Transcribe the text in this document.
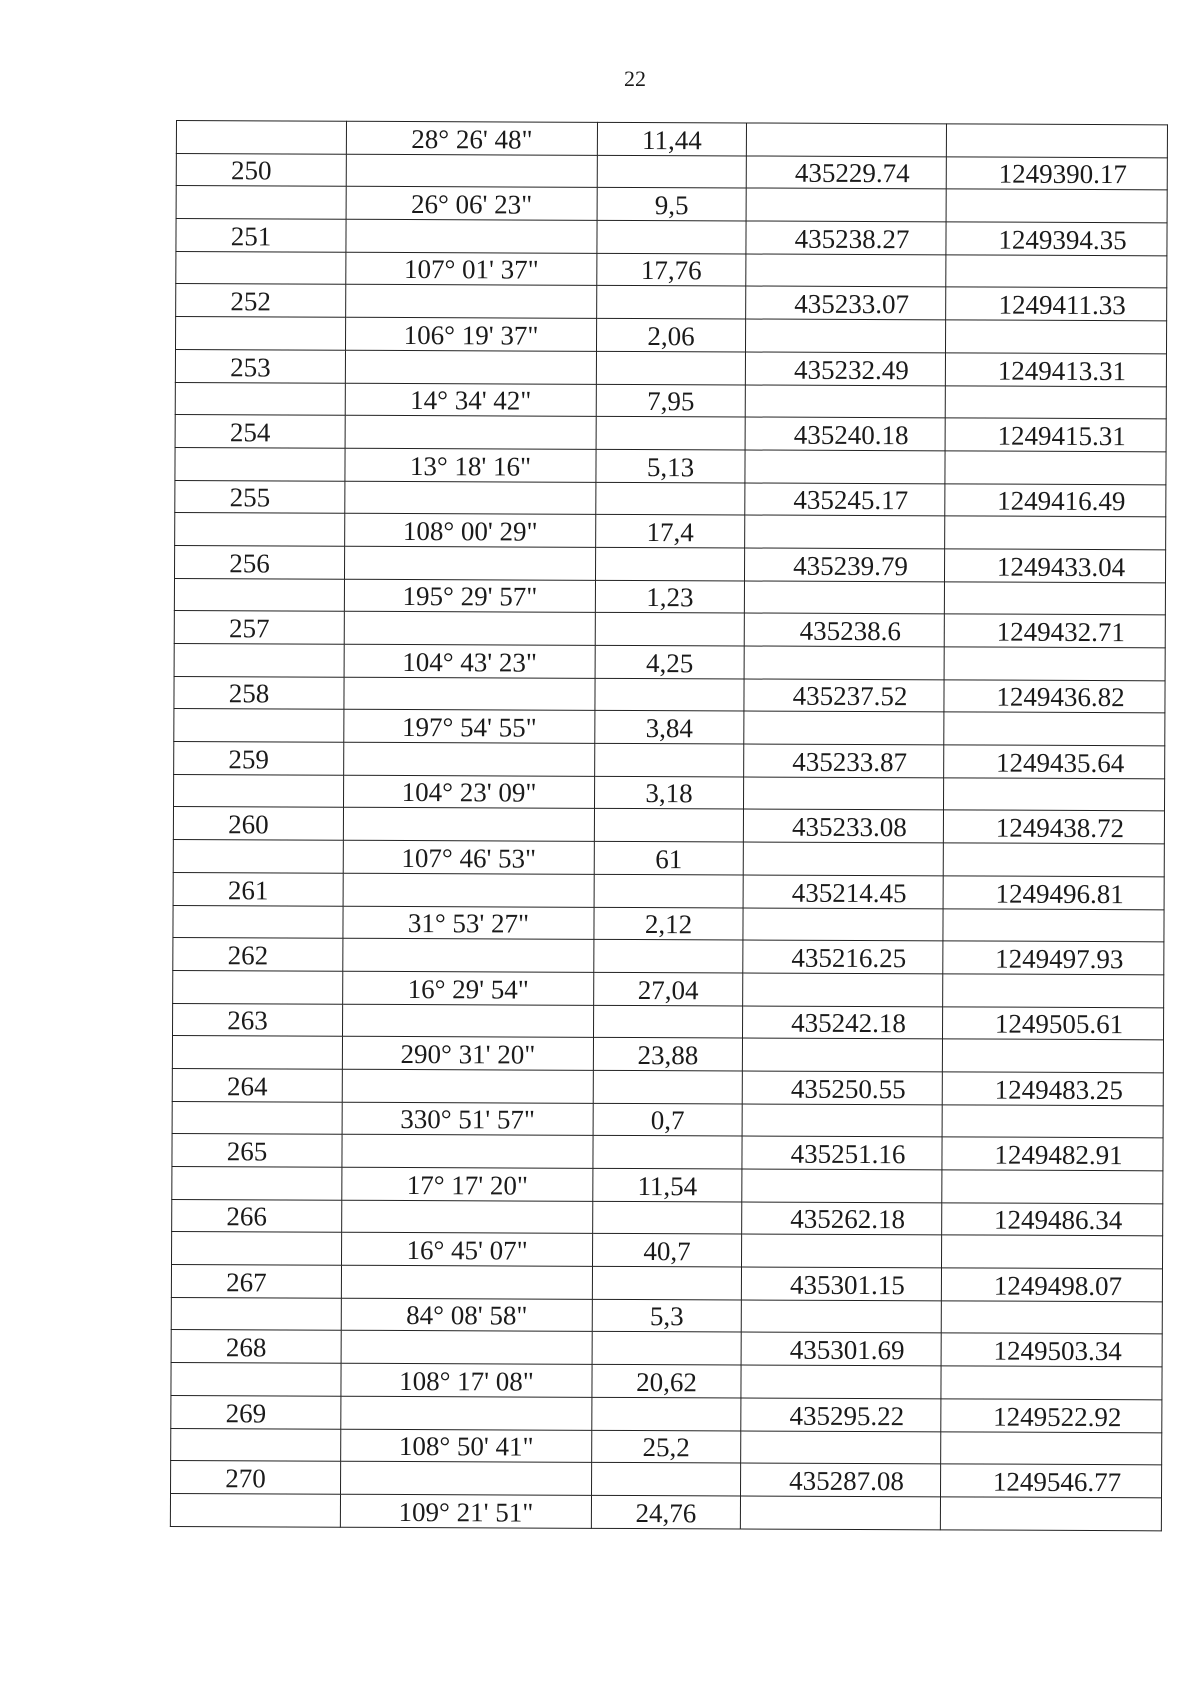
22
	28° 26' 48"	11,44		
250			435229.74	1249390.17
	26° 06' 23"	9,5		
251			435238.27	1249394.35
	107° 01' 37"	17,76		
252			435233.07	1249411.33
	106° 19' 37"	2,06		
253			435232.49	1249413.31
	14° 34' 42"	7,95		
254			435240.18	1249415.31
	13° 18' 16"	5,13		
255			435245.17	1249416.49
	108° 00' 29"	17,4		
256			435239.79	1249433.04
	195° 29' 57"	1,23		
257			435238.6	1249432.71
	104° 43' 23"	4,25		
258			435237.52	1249436.82
	197° 54' 55"	3,84		
259			435233.87	1249435.64
	104° 23' 09"	3,18		
260			435233.08	1249438.72
	107° 46' 53"	61		
261			435214.45	1249496.81
	31° 53' 27"	2,12		
262			435216.25	1249497.93
	16° 29' 54"	27,04		
263			435242.18	1249505.61
	290° 31' 20"	23,88		
264			435250.55	1249483.25
	330° 51' 57"	0,7		
265			435251.16	1249482.91
	17° 17' 20"	11,54		
266			435262.18	1249486.34
	16° 45' 07"	40,7		
267			435301.15	1249498.07
	84° 08' 58"	5,3		
268			435301.69	1249503.34
	108° 17' 08"	20,62		
269			435295.22	1249522.92
	108° 50' 41"	25,2		
270			435287.08	1249546.77
	109° 21' 51"	24,76		
